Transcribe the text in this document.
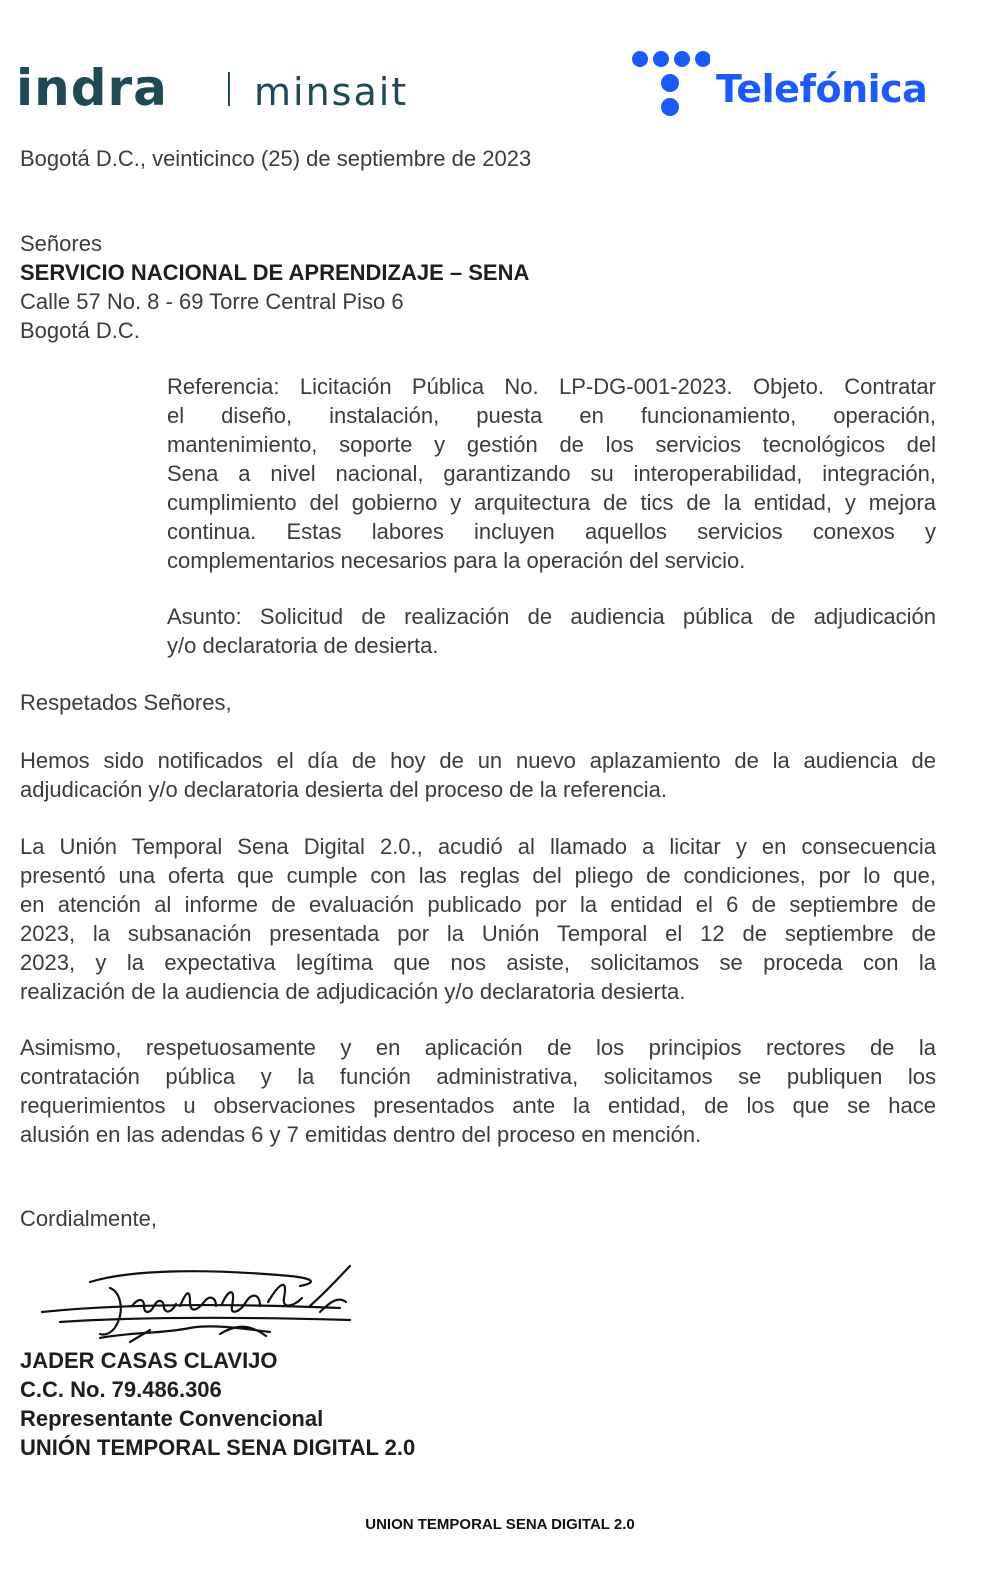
indra minsait	Telefónica
Bogotá D.C., veinticinco (25) de septiembre de 2023
Señores
SERVICIO NACIONAL DE APRENDIZAJE – SENA
Calle 57 No. 8 - 69 Torre Central Piso 6
Bogotá D.C.
Referencia: Licitación Pública No. LP-DG-001-2023. Objeto. Contratar
el diseño, instalación, puesta en funcionamiento, operación,
mantenimiento, soporte y gestión de los servicios tecnológicos del
Sena a nivel nacional, garantizando su interoperabilidad, integración,
cumplimiento del gobierno y arquitectura de tics de la entidad, y mejora
continua. Estas labores incluyen aquellos servicios conexos y
complementarios necesarios para la operación del servicio.
Asunto: Solicitud de realización de audiencia pública de adjudicación
y/o declaratoria de desierta.
Respetados Señores,
Hemos sido notificados el día de hoy de un nuevo aplazamiento de la audiencia de
adjudicación y/o declaratoria desierta del proceso de la referencia.
La Unión Temporal Sena Digital 2.0., acudió al llamado a licitar y en consecuencia
presentó una oferta que cumple con las reglas del pliego de condiciones, por lo que,
en atención al informe de evaluación publicado por la entidad el 6 de septiembre de
2023, la subsanación presentada por la Unión Temporal el 12 de septiembre de
2023, y la expectativa legítima que nos asiste, solicitamos se proceda con la
realización de la audiencia de adjudicación y/o declaratoria desierta.
Asimismo, respetuosamente y en aplicación de los principios rectores de la
contratación pública y la función administrativa, solicitamos se publiquen los
requerimientos u observaciones presentados ante la entidad, de los que se hace
alusión en las adendas 6 y 7 emitidas dentro del proceso en mención.
Cordialmente,
JADER CASAS CLAVIJO
C.C. No. 79.486.306
Representante Convencional
UNIÓN TEMPORAL SENA DIGITAL 2.0
UNION TEMPORAL SENA DIGITAL 2.0
